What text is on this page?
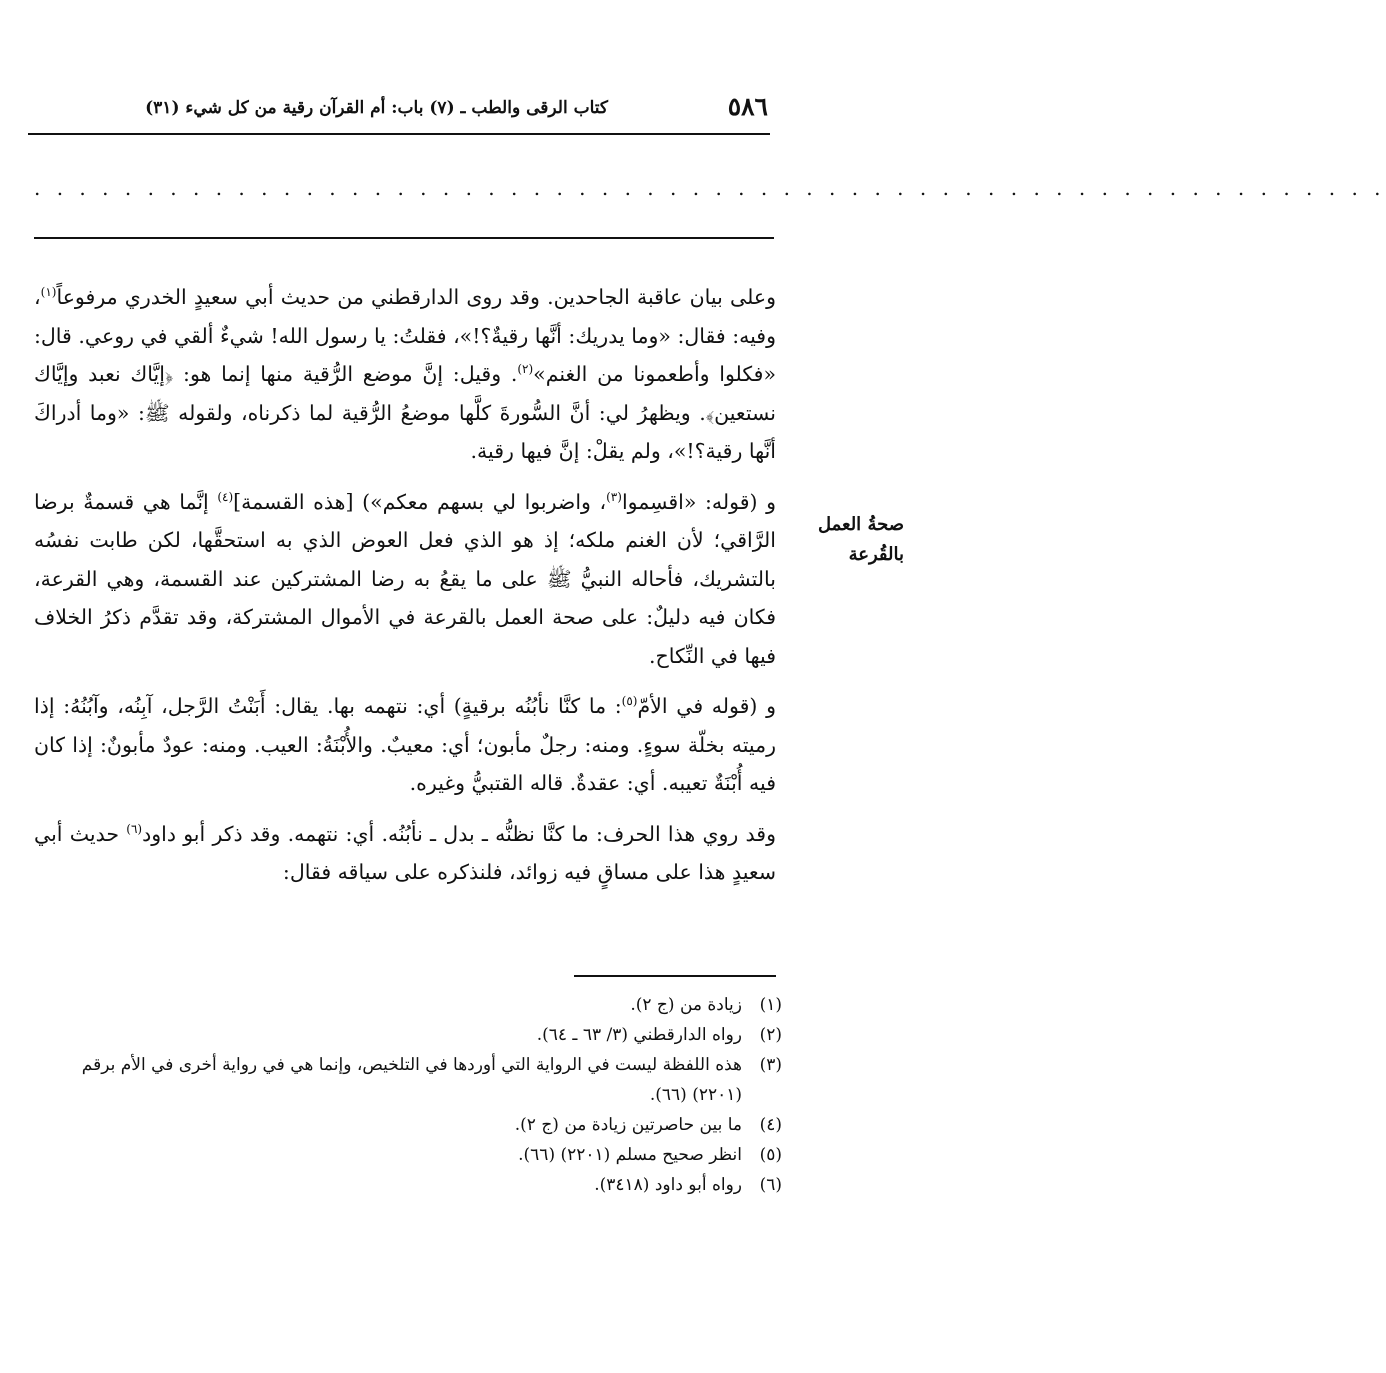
٥٨٦
(٣١) كتاب الرقى والطب ـ (٧) باب: أم القرآن رقية من كل شيء
. . . . . . . . . . . . . . . . . . . . . . . . . . . . . . . . . . . . . . . . . . . . . . . . . . . . . . . . . . . .
صحةُ العمل بالقُرعة

وعلى بيان عاقبة الجاحدين. وقد روى الدارقطني من حديث أبي سعيدٍ الخدري مرفوعاً$^{(١)}$، وفيه: فقال: «وما يدريك: أنَّها رقيةٌ؟!»، فقلتُ: يا رسول الله! شيءٌ ألقي في روعي. قال: «فكلوا وأطعمونا من الغنم»$^{(٢)}$. وقيل: إنَّ موضع الرُّقية منها إنما هو: ﴿إيَّاك نعبد وإيَّاك نستعين﴾. ويظهرُ لي: أنَّ السُّورةَ كلَّها موضعُ الرُّقية لما ذكرناه، ولقوله ﷺ: «وما أدراكَ أنَّها رقية؟!»، ولم يقلْ: إنَّ فيها رقية.

و (قوله: «اقسِموا$^{(٣)}$، واضربوا لي بسهم معكم») [هذه القسمة]$^{(٤)}$ إنَّما هي قسمةٌ برضا الرَّاقي؛ لأن الغنم ملكه؛ إذ هو الذي فعل العوض الذي به استحقَّها، لكن طابت نفسُه بالتشريك، فأحاله النبيُّ ﷺ على ما يقعُ به رضا المشتركين عند القسمة، وهي القرعة، فكان فيه دليلٌ: على صحة العمل بالقرعة في الأموال المشتركة، وقد تقدَّم ذكرُ الخلاف فيها في النِّكاح.

و (قوله في الأمّ$^{(٥)}$: ما كنَّا نأبُنُه برقيةٍ) أي: نتهمه بها. يقال: أَبَنْتُ الرَّجل، آبِنُه، وآبُنُهُ: إذا رميته بخلّة سوءٍ. ومنه: رجلٌ مأبون؛ أي: معيبٌ. والأُبْنَةُ: العيب. ومنه: عودٌ مأبونٌ: إذا كان فيه أُبْنَةٌ تعيبه. أي: عقدةٌ. قاله القتبيُّ وغيره.

وقد روي هذا الحرف: ما كنَّا نظنُّه ـ بدل ـ نأبُنُه. أي: نتهمه. وقد ذكر أبو داود$^{(٦)}$ حديث أبي سعيدٍ هذا على مساقٍ فيه زوائد، فلنذكره على سياقه فقال:

(١)
زيادة من (ج ٢).

(٢)
رواه الدارقطني (٣/ ٦٣ ـ ٦٤).

(٣)
هذه اللفظة ليست في الرواية التي أوردها في التلخيص، وإنما هي في رواية أخرى في الأم برقم (٢٢٠١) (٦٦).

(٤)
ما بين حاصرتين زيادة من (ج ٢).

(٥)
انظر صحيح مسلم (٢٢٠١) (٦٦).

(٦)
رواه أبو داود (٣٤١٨).
